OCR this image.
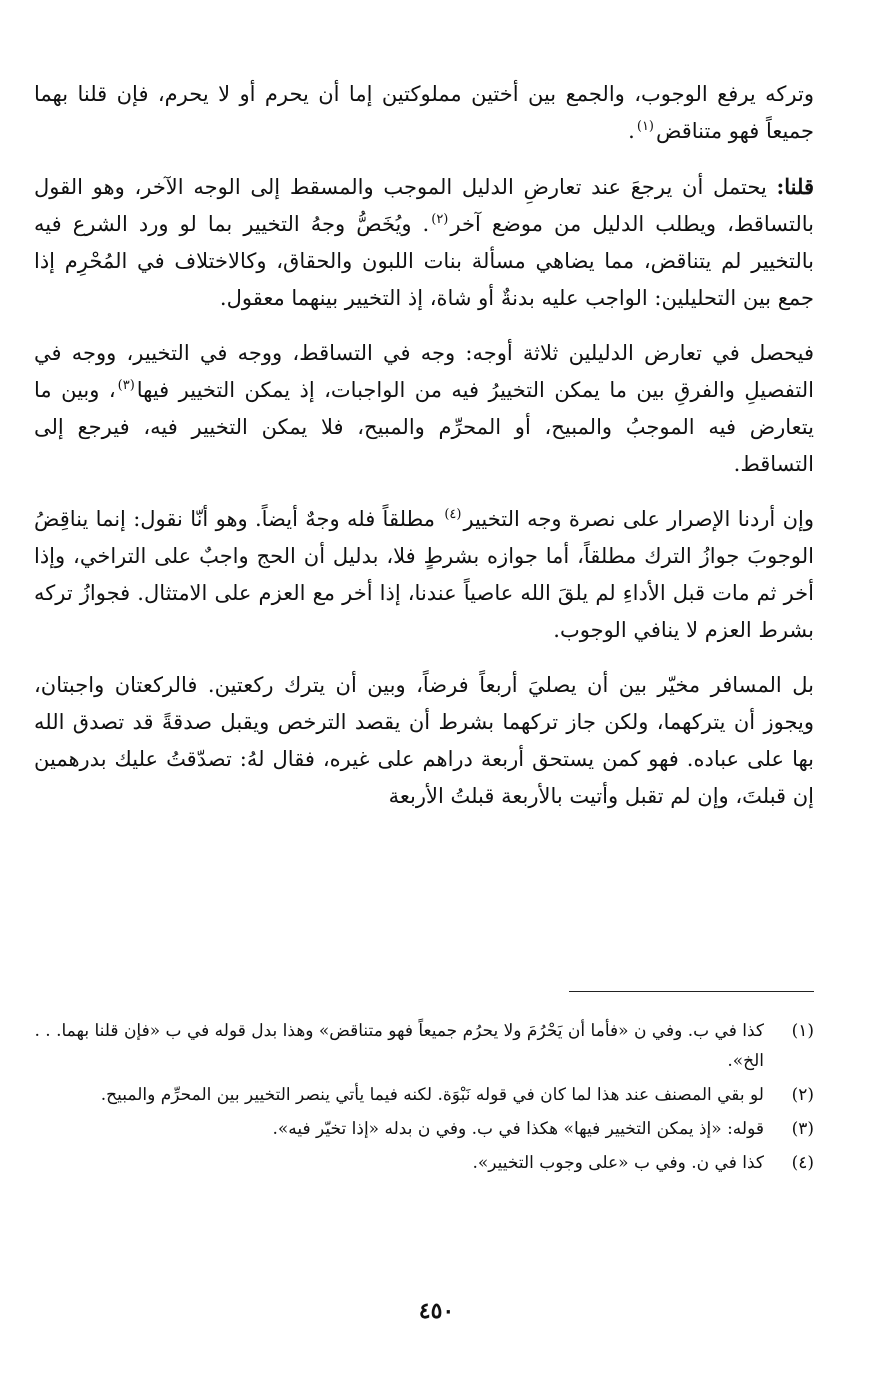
وتركه يرفع الوجوب، والجمع بين أختين مملوكتين إما أن يحرم أو لا يحرم، فإن قلنا بهما جميعاً فهو متناقض$^{(١)}$.

قلنا: يحتمل أن يرجعَ عند تعارضِ الدليل الموجب والمسقط إلى الوجه الآخر، وهو القول بالتساقط، ويطلب الدليل من موضع آخر$^{(٢)}$. ويُخَصُّ وجهُ التخيير بما لو ورد الشرع فيه بالتخيير لم يتناقض، مما يضاهي مسألة بنات اللبون والحقاق، وكالاختلاف في المُحْرِم إذا جمع بين التحليلين: الواجب عليه بدنةٌ أو شاة، إذ التخيير بينهما معقول.

فيحصل في تعارض الدليلين ثلاثة أوجه: وجه في التساقط، ووجه في التخيير، ووجه في التفصيلِ والفرقِ بين ما يمكن التخييرُ فيه من الواجبات، إذ يمكن التخيير فيها$^{(٣)}$، وبين ما يتعارض فيه الموجبُ والمبيح، أو المحرِّم والمبيح، فلا يمكن التخيير فيه، فيرجع إلى التساقط.

وإن أردنا الإصرار على نصرة وجه التخيير$^{(٤)}$ مطلقاً فله وجهٌ أيضاً. وهو أنّا نقول: إنما يناقِضُ الوجوبَ جوازُ الترك مطلقاً، أما جوازه بشرطٍ فلا، بدليل أن الحج واجبٌ على التراخي، وإذا أخر ثم مات قبل الأداءِ لم يلقَ الله عاصياً عندنا، إذا أخر مع العزم على الامتثال. فجوازُ تركه بشرط العزم لا ينافي الوجوب.

بل المسافر مخيّر بين أن يصليَ أربعاً فرضاً، وبين أن يترك ركعتين. فالركعتان واجبتان، ويجوز أن يتركهما، ولكن جاز تركهما بشرط أن يقصد الترخص ويقبل صدقةً قد تصدق الله بها على عباده. فهو كمن يستحق أربعة دراهم على غيره، فقال لهُ: تصدّقتُ عليك بدرهمين إن قبلتَ، وإن لم تقبل وأتيت بالأربعة قبلتُ الأربعة

(١)
كذا في ب. وفي ن «فأما أن يَحْرُمَ ولا يحرُم جميعاً فهو متناقض» وهذا بدل قوله في ب «فإن قلنا بهما. . . الخ».
(٢)
لو بقي المصنف عند هذا لما كان في قوله نَبْوَة. لكنه فيما يأتي ينصر التخيير بين المحرِّم والمبيح.
(٣)
قوله: «إذ يمكن التخيير فيها» هكذا في ب. وفي ن بدله «إذا تخيّر فيه».
(٤)
كذا في ن. وفي ب «على وجوب التخيير».
٤٥٠
